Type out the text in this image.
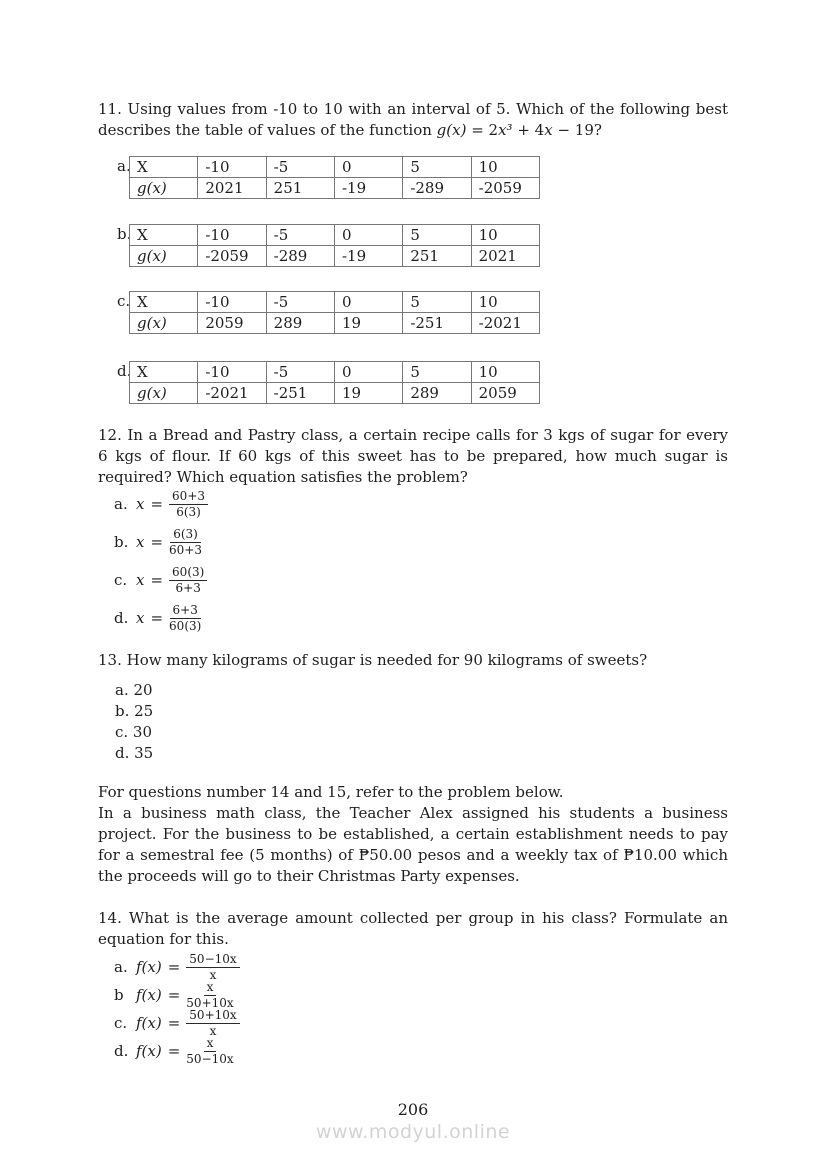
11. Using values from -10 to 10 with an interval of 5. Which of the following best describes the table of values of the function g(x) = 2x³ + 4x − 19?

a. X	-10	-5	0	5	10
g(x)	2021	251	-19	-289	-2059
b. X	-10	-5	0	5	10
g(x)	-2059	-289	-19	251	2021
c. X	-10	-5	0	5	10
g(x)	2059	289	19	-251	-2021
d. X	-10	-5	0	5	10
g(x)	-2021	-251	19	289	2059

12. In a Bread and Pastry class, a certain recipe calls for 3 kgs of sugar for every 6 kgs of flour. If 60 kgs of this sweet has to be prepared, how much sugar is required? Which equation satisfies the problem?

a. $x = \frac{60+3}{6(3)}$
b. $x = \frac{6(3)}{60+3}$
c. $x = \frac{60(3)}{6+3}$
d. $x = \frac{6+3}{60(3)}$

13. How many kilograms of sugar is needed for 90 kilograms of sweets?

a. 20
b. 25
c. 30
d. 35

For questions number 14 and 15, refer to the problem below.

In a business math class, the Teacher Alex assigned his students a business project. For the business to be established, a certain establishment needs to pay for a semestral fee (5 months) of ₱50.00 pesos and a weekly tax of ₱10.00 which the proceeds will go to their Christmas Party expenses.

14. What is the average amount collected per group in his class? Formulate an equation for this.

a. $f(x) = \frac{50-10x}{x}$
b $f(x) = \frac{x}{50+10x}$
c. $f(x) = \frac{50+10x}{x}$
d. $f(x) = \frac{x}{50-10x}$
206
www.modyul.online
